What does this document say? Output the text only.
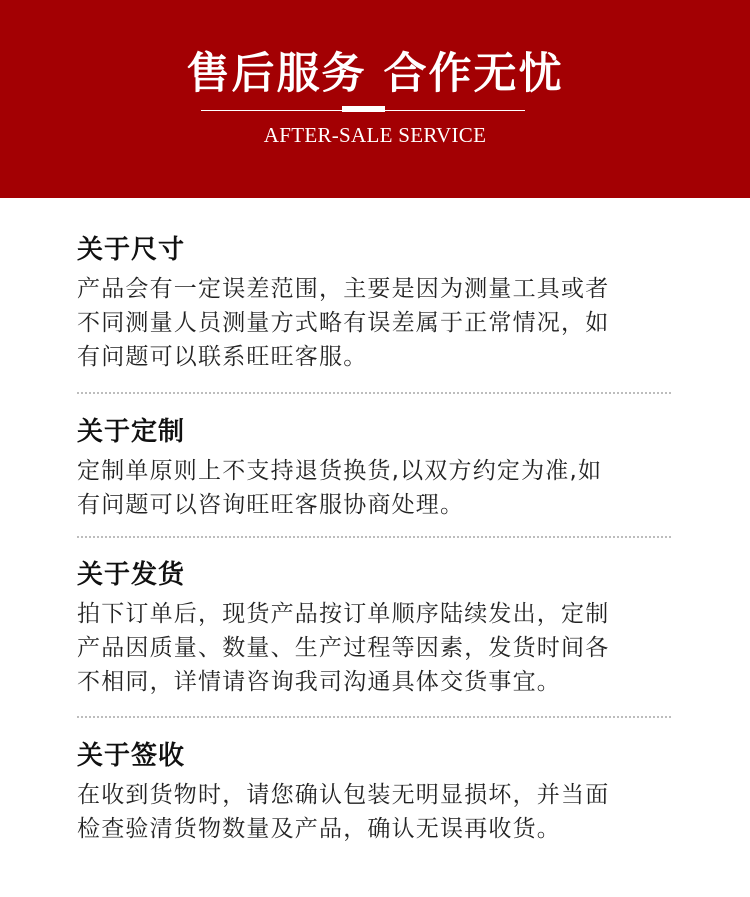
售后服务 合作无忧
AFTER-SALE SERVICE
关于尺寸
产品会有一定误差范围，主要是因为测量工具或者
不同测量人员测量方式略有误差属于正常情况，如
有问题可以联系旺旺客服。
关于定制
定制单原则上不支持退货换货,以双方约定为准,如
有问题可以咨询旺旺客服协商处理。
关于发货
拍下订单后，现货产品按订单顺序陆续发出，定制
产品因质量、数量、生产过程等因素，发货时间各
不相同，详情请咨询我司沟通具体交货事宜。
关于签收
在收到货物时，请您确认包装无明显损坏，并当面
检查验清货物数量及产品，确认无误再收货。
